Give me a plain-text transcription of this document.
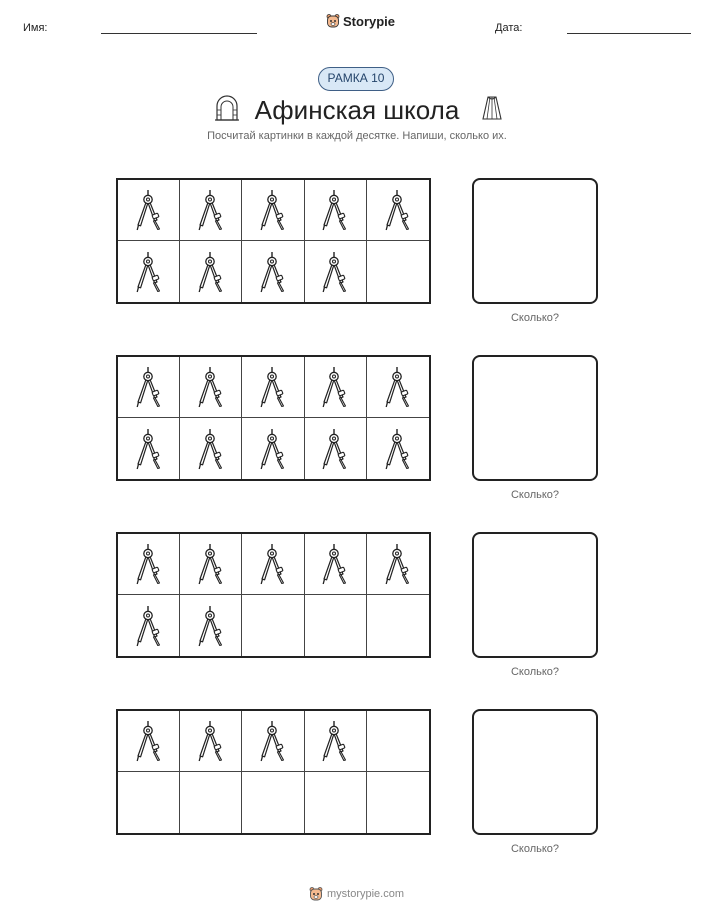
Имя:	Storypie	Дата:
РАМКА 10
Афинская школа
Посчитай картинки в каждой десятке. Напиши, сколько их.
Сколько?
Сколько?
Сколько?
Сколько?
mystorypie.com
